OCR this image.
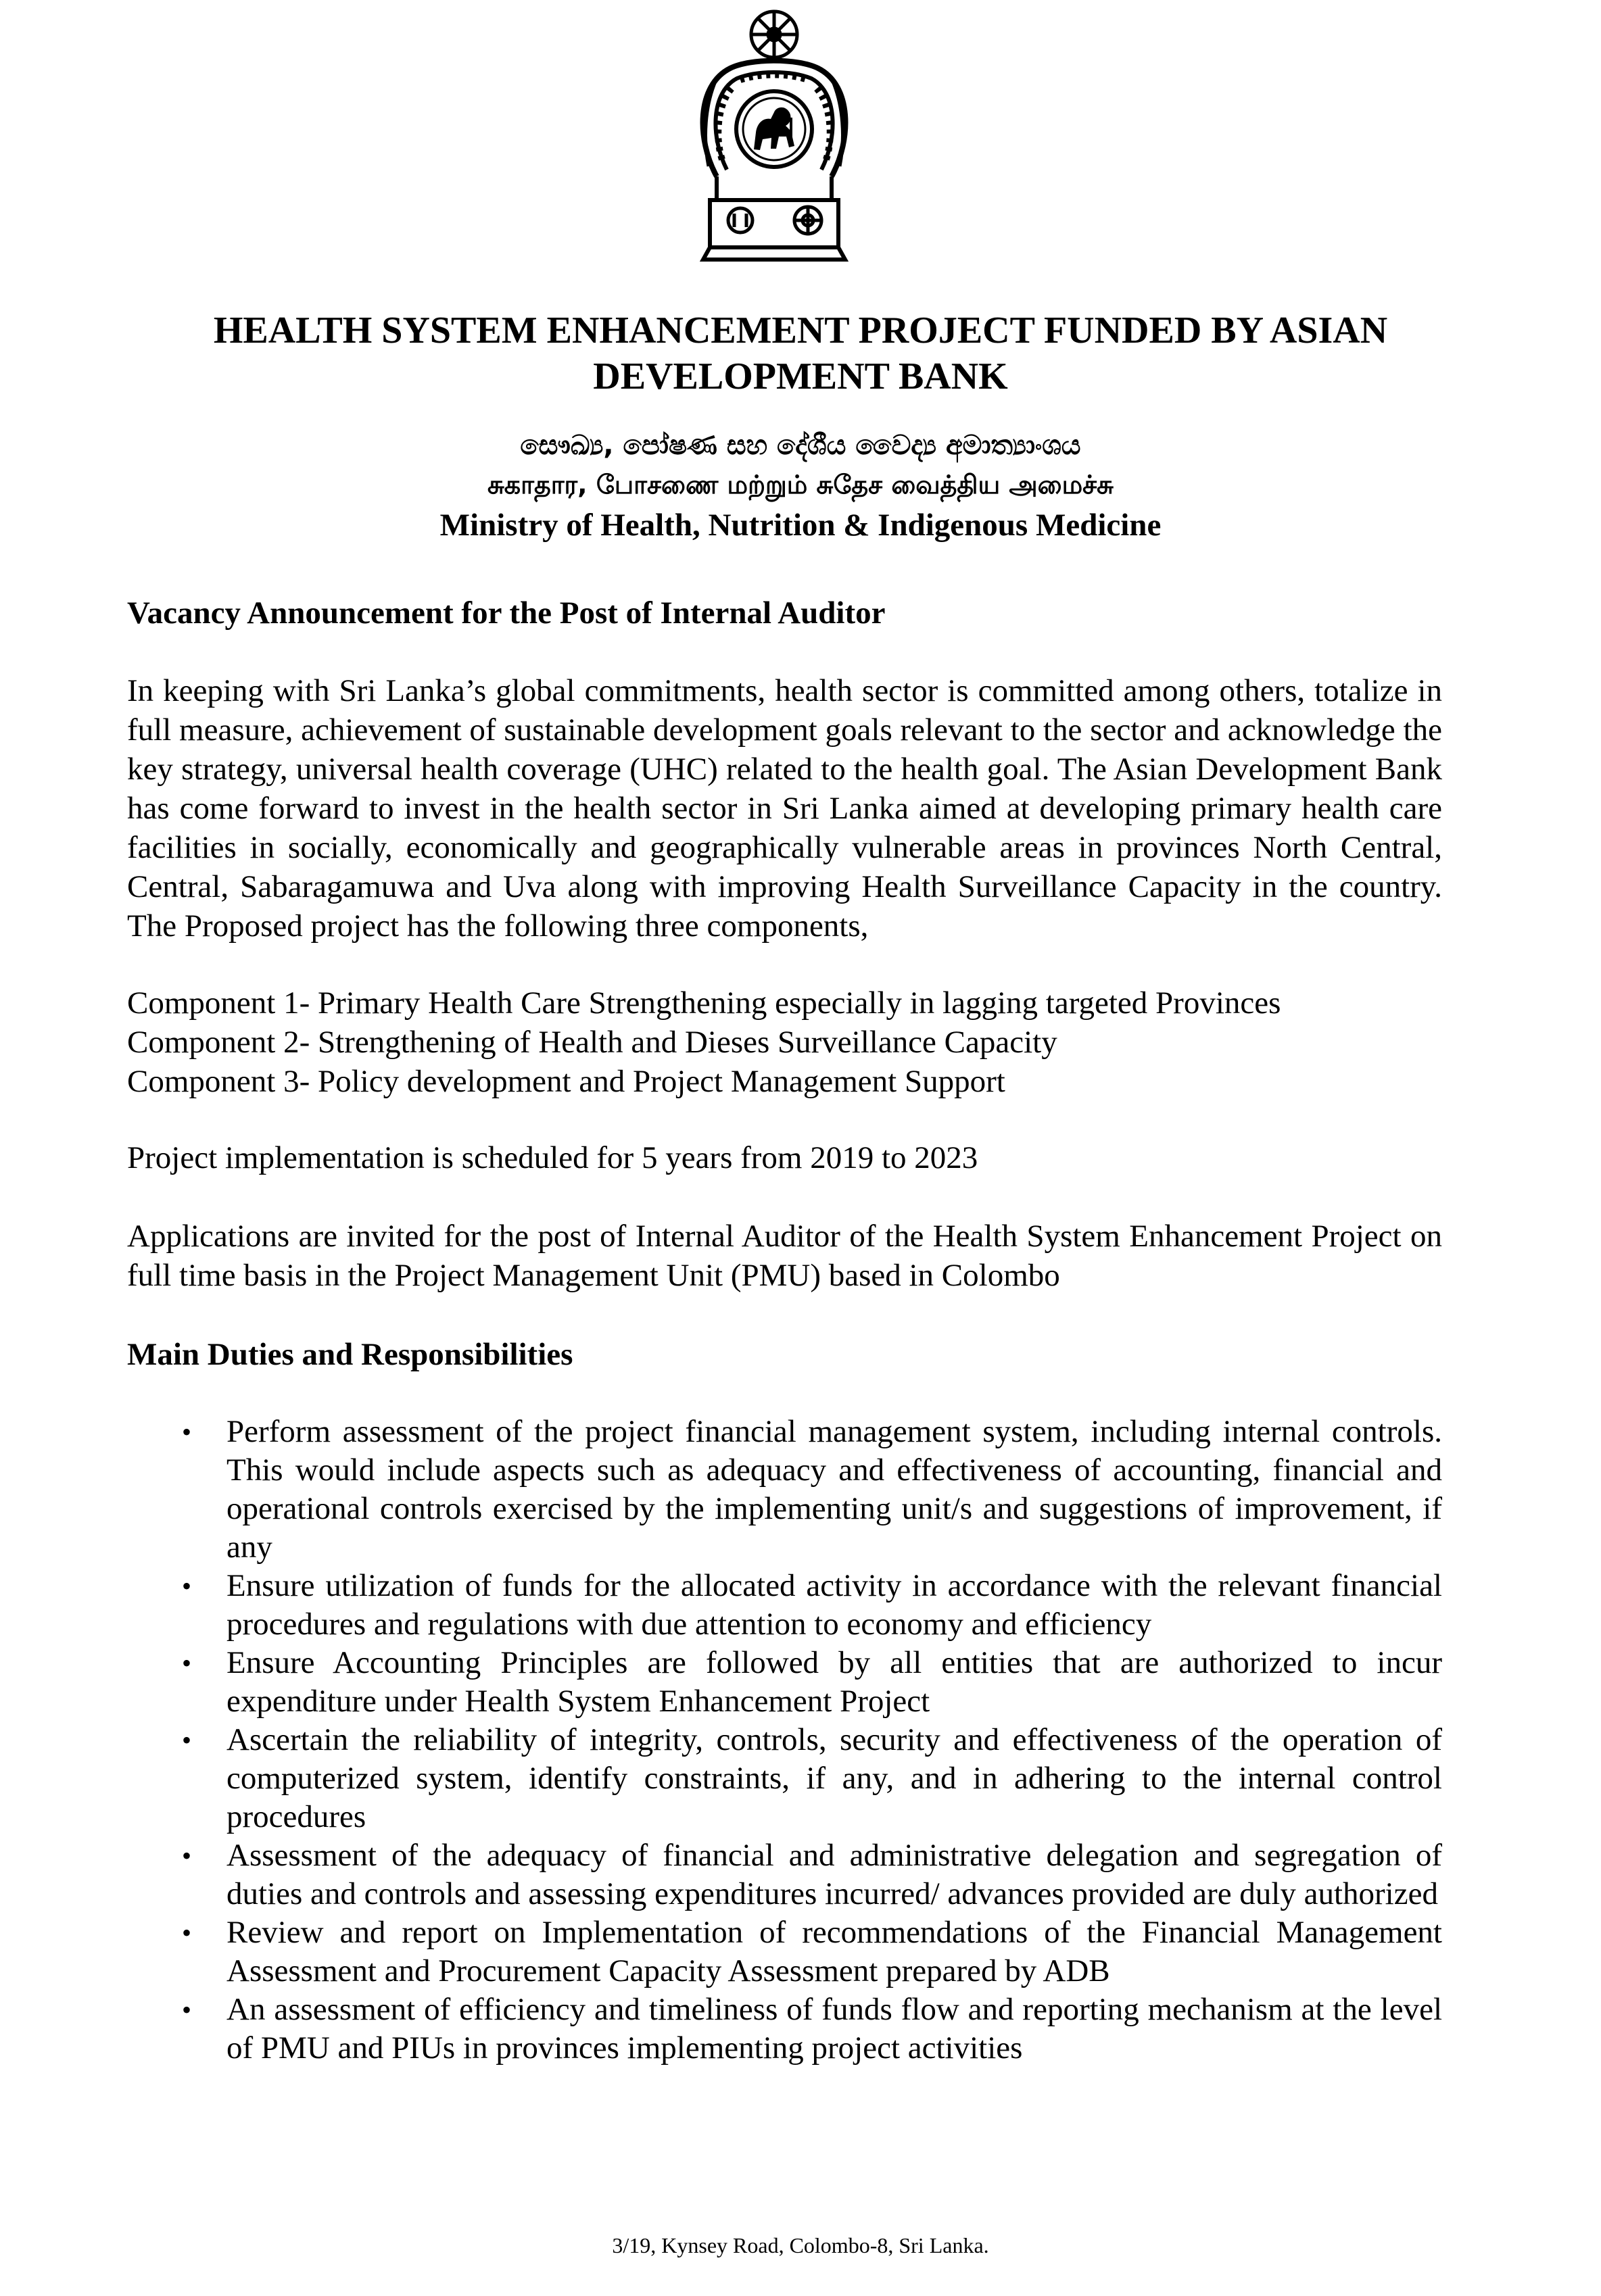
HEALTH SYSTEM ENHANCEMENT PROJECT FUNDED BY ASIAN DEVELOPMENT BANK
සෞඛ්‍ය, පෝෂණ සහ දේශීය වෛද්‍ය අමාත්‍යාංශය
சுகாதார, போசணை மற்றும் சுதேச வைத்திய அமைச்சு
Ministry of Health, Nutrition & Indigenous Medicine
Vacancy Announcement for the Post of Internal Auditor
In keeping with Sri Lanka’s global commitments, health sector is committed among others, totalize in full measure, achievement of sustainable development goals relevant to the sector and acknowledge the key strategy, universal health coverage (UHC) related to the health goal. The Asian Development Bank has come forward to invest in the health sector in Sri Lanka aimed at developing primary health care facilities in socially, economically and geographically vulnerable areas in provinces North Central, Central, Sabaragamuwa and Uva along with improving Health Surveillance Capacity in the country. The Proposed project has the following three components,
Component 1- Primary Health Care Strengthening especially in lagging targeted Provinces
Component 2- Strengthening of Health and Dieses Surveillance Capacity
Component 3- Policy development and Project Management Support
Project implementation is scheduled for 5 years from 2019 to 2023
Applications are invited for the post of Internal Auditor of the Health System Enhancement Project on full time basis in the Project Management Unit (PMU) based in Colombo
Main Duties and Responsibilities
• Perform assessment of the project financial management system, including internal controls. This would include aspects such as adequacy and effectiveness of accounting, financial and operational controls exercised by the implementing unit/s and suggestions of improvement, if any
• Ensure utilization of funds for the allocated activity in accordance with the relevant financial procedures and regulations with due attention to economy and efficiency
• Ensure Accounting Principles are followed by all entities that are authorized to incur expenditure under Health System Enhancement Project
• Ascertain the reliability of integrity, controls, security and effectiveness of the operation of computerized system, identify constraints, if any, and in adhering to the internal control procedures
• Assessment of the adequacy of financial and administrative delegation and segregation of duties and controls and assessing expenditures incurred/ advances provided are duly authorized
• Review and report on Implementation of recommendations of the Financial Management Assessment and Procurement Capacity Assessment prepared by ADB
• An assessment of efficiency and timeliness of funds flow and reporting mechanism at the level of PMU and PIUs in provinces implementing project activities
3/19, Kynsey Road, Colombo-8, Sri Lanka.
